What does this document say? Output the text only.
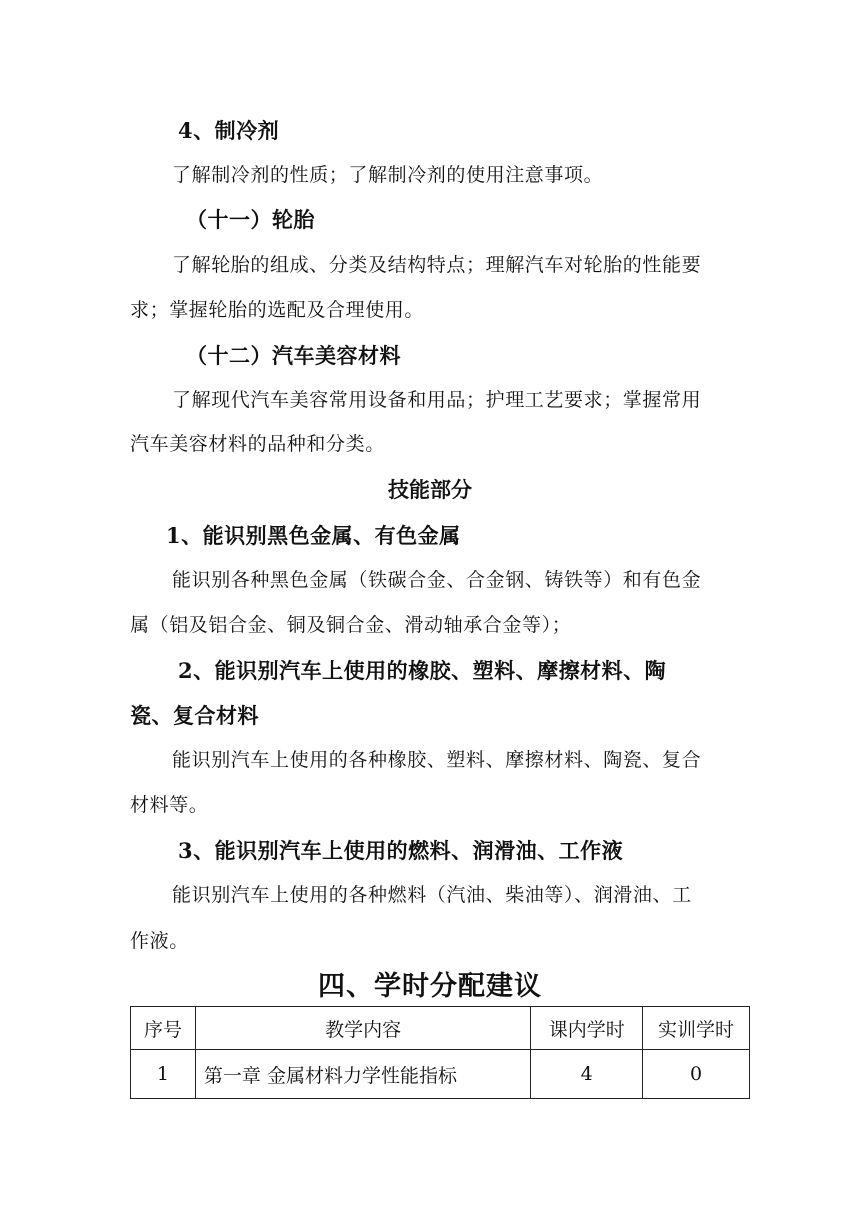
4、制冷剂
了解制冷剂的性质；了解制冷剂的使用注意事项。
（十一）轮胎
了解轮胎的组成、分类及结构特点；理解汽车对轮胎的性能要
求；掌握轮胎的选配及合理使用。
（十二）汽车美容材料
了解现代汽车美容常用设备和用品；护理工艺要求；掌握常用
汽车美容材料的品种和分类。
技能部分
1、能识别黑色金属、有色金属
能识别各种黑色金属（铁碳合金、合金钢、铸铁等）和有色金
属（铝及铝合金、铜及铜合金、滑动轴承合金等）；
2、能识别汽车上使用的橡胶、塑料、摩擦材料、陶
瓷、复合材料
能识别汽车上使用的各种橡胶、塑料、摩擦材料、陶瓷、复合
材料等。
3、能识别汽车上使用的燃料、润滑油、工作液
能识别汽车上使用的各种燃料（汽油、柴油等）、润滑油、工
作液。
四、学时分配建议
序号	教学内容	课内学时	实训学时
1	第一章 金属材料力学性能指标	4	0
